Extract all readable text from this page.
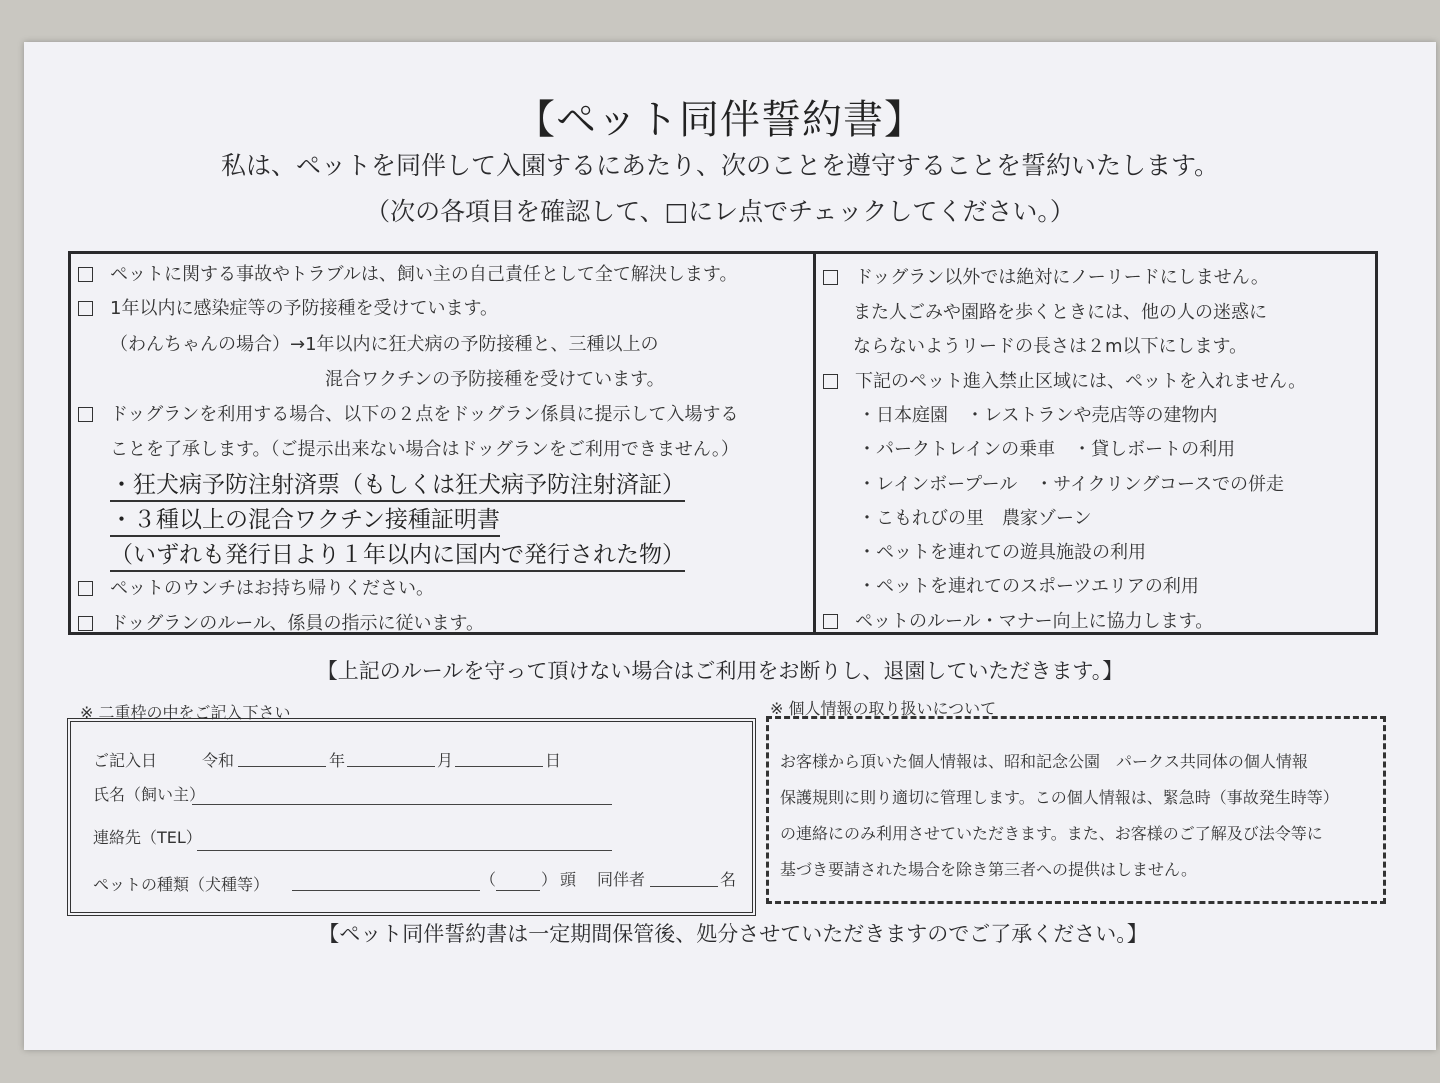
【ペット同伴誓約書】
私は、ペットを同伴して入園するにあたり、次のことを遵守することを誓約いたします。
（次の各項目を確認して、□にレ点でチェックしてください。）
ペットに関する事故やトラブルは、飼い主の自己責任として全て解決します。
1年以内に感染症等の予防接種を受けています。
（わんちゃんの場合）→1年以内に狂犬病の予防接種と、三種以上の
混合ワクチンの予防接種を受けています。
ドッグランを利用する場合、以下の２点をドッグラン係員に提示して入場する
ことを了承します。（ご提示出来ない場合はドッグランをご利用できません。）
・狂犬病予防注射済票（もしくは狂犬病予防注射済証）
・３種以上の混合ワクチン接種証明書
（いずれも発行日より１年以内に国内で発行された物）
ペットのウンチはお持ち帰りください。
ドッグランのルール、係員の指示に従います。
ドッグラン以外では絶対にノーリードにしません。
また人ごみや園路を歩くときには、他の人の迷惑に
ならないようリードの長さは２m以下にします。
下記のペット進入禁止区域には、ペットを入れません。
・日本庭園　・レストランや売店等の建物内
・パークトレインの乗車　・貸しボートの利用
・レインボープール　・サイクリングコースでの併走
・こもれびの里　農家ゾーン
・ペットを連れての遊具施設の利用
・ペットを連れてのスポーツエリアの利用
ペットのルール・マナー向上に協力します。
【上記のルールを守って頂けない場合はご利用をお断りし、退園していただきます。】
※ 二重枠の中をご記入下さい
ご記入日	令和	年	月	日
氏名（飼い主）
連絡先（TEL）
ペットの種類（犬種等）	（	） 頭 同伴者	名
※ 個人情報の取り扱いについて
お客様から頂いた個人情報は、昭和記念公園　パークス共同体の個人情報
保護規則に則り適切に管理します。この個人情報は、緊急時（事故発生時等）
の連絡にのみ利用させていただきます。また、お客様のご了解及び法令等に
基づき要請された場合を除き第三者への提供はしません。
【ペット同伴誓約書は一定期間保管後、処分させていただきますのでご了承ください。】
